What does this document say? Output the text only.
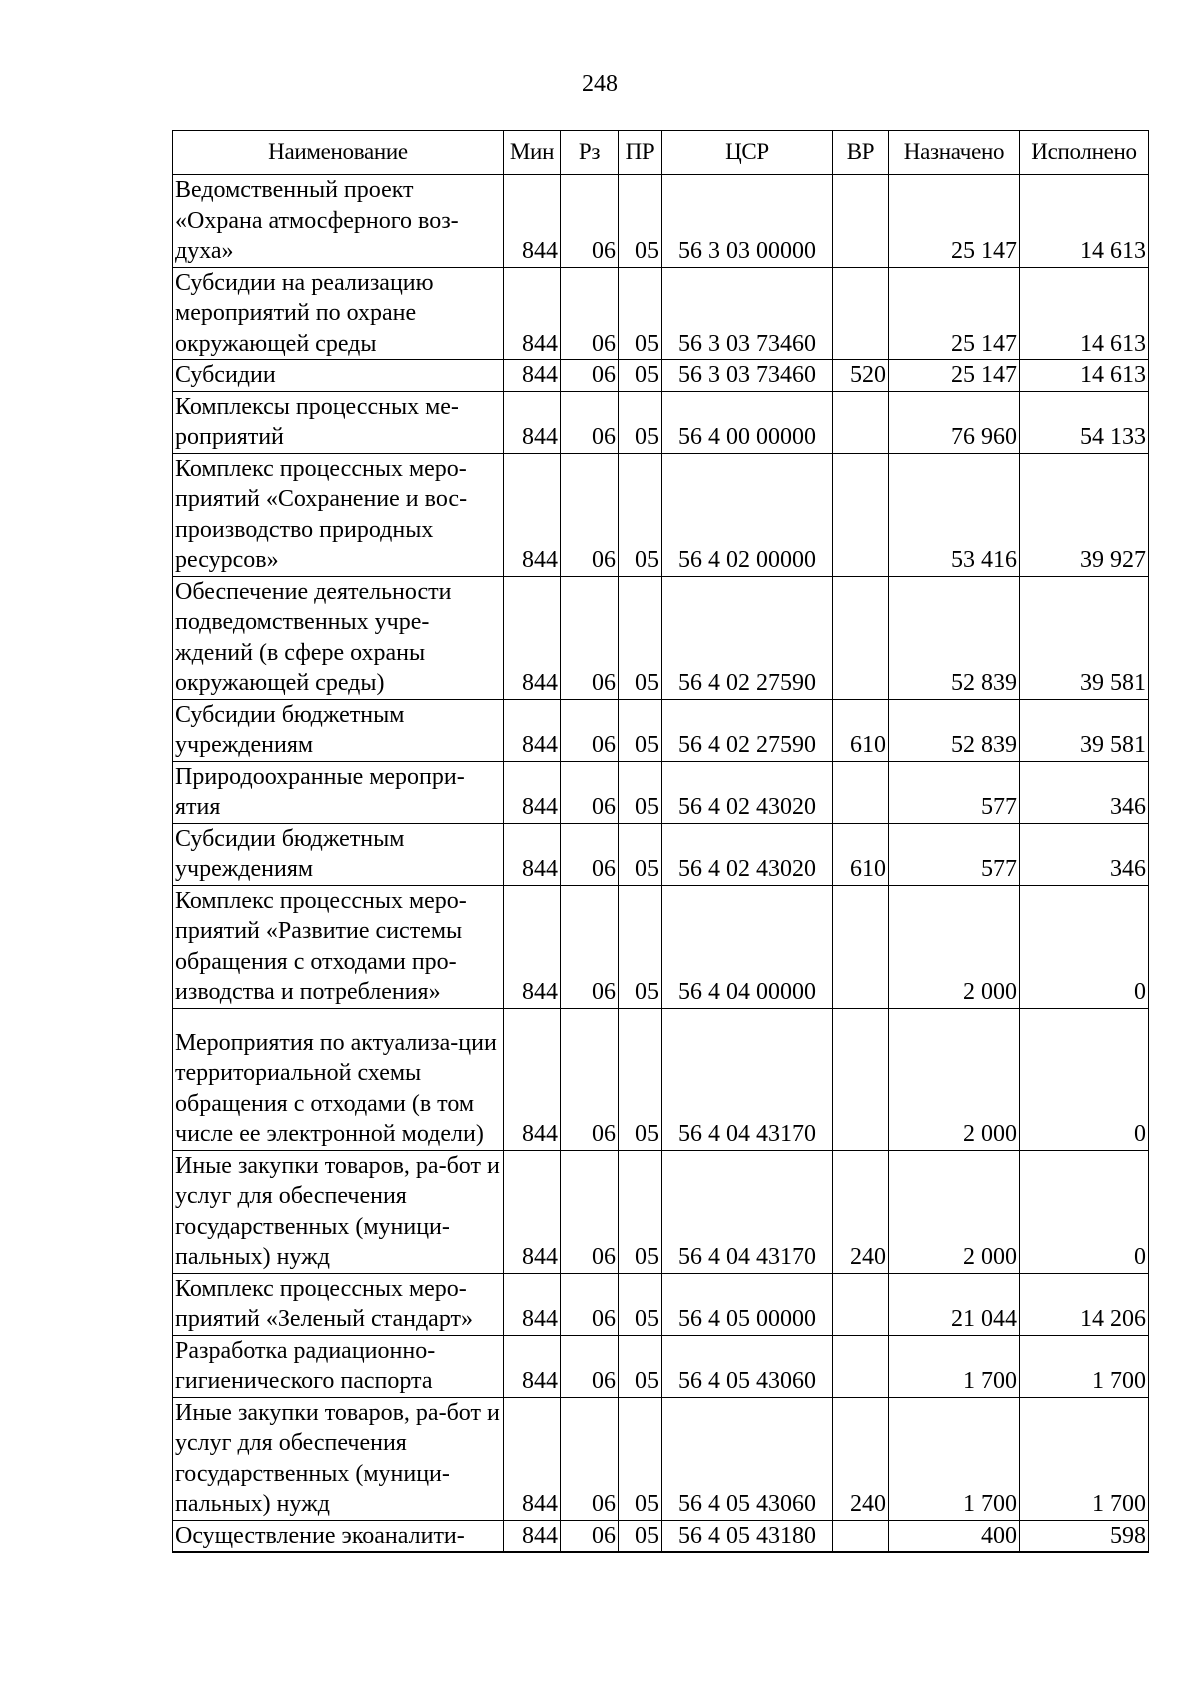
248
Наименование	Мин	Рз	ПР	ЦСР	ВР	Назначено	Исполнено
Ведомственный проект «Охрана атмосферного воз-духа»	844	06	05	56 3 03 00000		25 147	14 613
Субсидии на реализацию мероприятий по охране окружающей среды	844	06	05	56 3 03 73460		25 147	14 613
Субсидии	844	06	05	56 3 03 73460	520	25 147	14 613
Комплексы процессных ме-роприятий	844	06	05	56 4 00 00000		76 960	54 133
Комплекс процессных меро-приятий «Сохранение и вос-производство природных ресурсов»	844	06	05	56 4 02 00000		53 416	39 927
Обеспечение деятельности подведомственных учре-ждений (в сфере охраны окружающей среды)	844	06	05	56 4 02 27590		52 839	39 581
Субсидии бюджетным учреждениям	844	06	05	56 4 02 27590	610	52 839	39 581
Природоохранные меропри-ятия	844	06	05	56 4 02 43020		577	346
Субсидии бюджетным учреждениям	844	06	05	56 4 02 43020	610	577	346
Комплекс процессных меро-приятий «Развитие системы обращения с отходами про-изводства и потребления»	844	06	05	56 4 04 00000		2 000	0
Мероприятия по актуализа-ции территориальной схемы обращения с отходами (в том числе ее электронной модели)	844	06	05	56 4 04 43170		2 000	0
Иные закупки товаров, ра-бот и услуг для обеспечения государственных (муници-пальных) нужд	844	06	05	56 4 04 43170	240	2 000	0
Комплекс процессных меро-приятий «Зеленый стандарт»	844	06	05	56 4 05 00000		21 044	14 206
Разработка радиационно-гигиенического паспорта	844	06	05	56 4 05 43060		1 700	1 700
Иные закупки товаров, ра-бот и услуг для обеспечения государственных (муници-пальных) нужд	844	06	05	56 4 05 43060	240	1 700	1 700
Осуществление экоаналити-	844	06	05	56 4 05 43180		400	598
